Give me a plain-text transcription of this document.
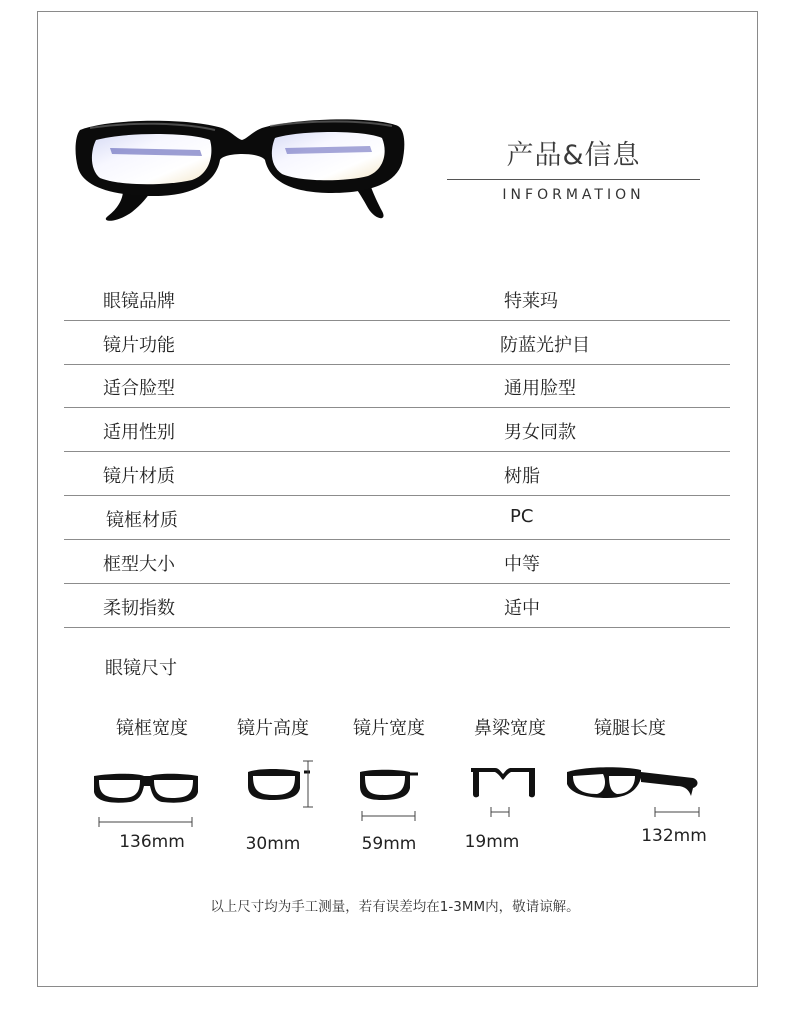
产品&信息
INFORMATION
眼镜品牌	特莱玛
镜片功能	防蓝光护目
适合脸型	通用脸型
适用性别	男女同款
镜片材质	树脂
镜框材质	PC
框型大小	中等
柔韧指数	适中
眼镜尺寸
镜框宽度
136mm
镜片高度
30mm
镜片宽度
59mm
鼻梁宽度
19mm
镜腿长度
132mm
以上尺寸均为手工测量，若有误差均在1-3MM内，敬请谅解。
